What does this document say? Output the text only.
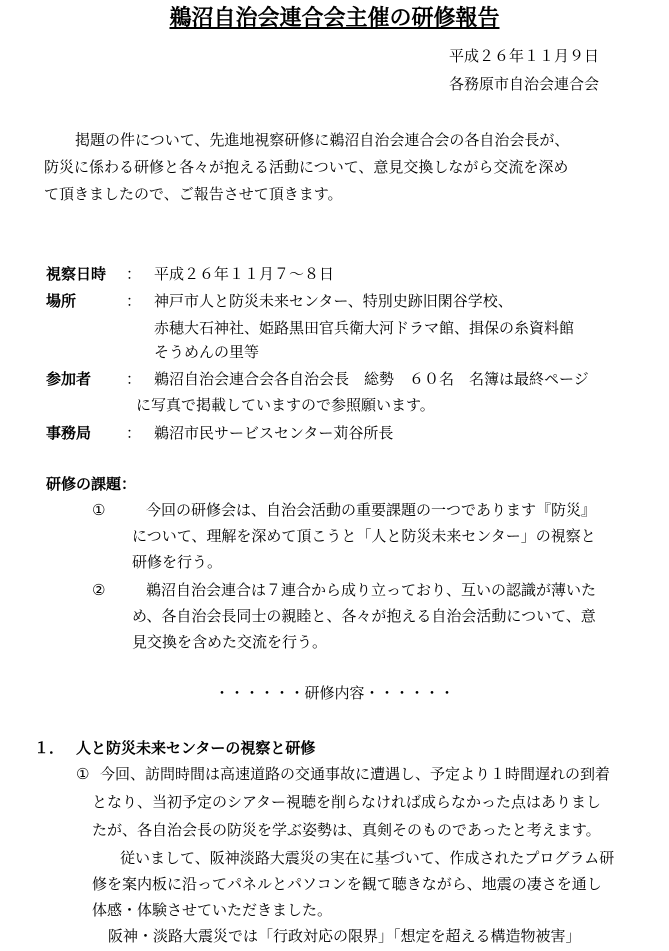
鵜沼自治会連合会主催の研修報告
平成２６年１１月９日
各務原市自治会連合会
掲題の件について、先進地視察研修に鵜沼自治会連合会の各自治会長が、
防災に係わる研修と各々が抱える活動について、意見交換しながら交流を深め
て頂きましたので、ご報告させて頂きます。
視察日時 ： 平成２６年１１月７～８日
場所	： 神戸市人と防災未来センター、特別史跡旧閑谷学校、
赤穂大石神社、姫路黒田官兵衛大河ドラマ館、揖保の糸資料館
そうめんの里等
参加者 ： 鵜沼自治会連合会各自治会長　総勢　６０名　名簿は最終ページ
に写真で掲載していますので参照願います。
事務局 ： 鵜沼市民サービスセンター苅谷所長
研修の課題：
①	今回の研修会は、自治会活動の重要課題の一つであります『防災』
について、理解を深めて頂こうと「人と防災未来センター」の視察と
研修を行う。
②	鵜沼自治会連合は７連合から成り立っており、互いの認識が薄いた
め、各自治会長同士の親睦と、各々が抱える自治会活動について、意
見交換を含めた交流を行う。
・・・・・・研修内容・・・・・・
１． 人と防災未来センターの視察と研修
① 今回、訪問時間は高速道路の交通事故に遭遇し、予定より１時間遅れの到着
となり、当初予定のシアター視聴を削らなければ成らなかった点はありまし
たが、各自治会長の防災を学ぶ姿勢は、真剣そのものであったと考えます。
従いまして、阪神淡路大震災の実在に基づいて、作成されたプログラム研
修を案内板に沿ってパネルとパソコンを観て聴きながら、地震の凄さを通し
体感・体験させていただきました。
阪神・淡路大震災では「行政対応の限界」「想定を超える構造物被害」
